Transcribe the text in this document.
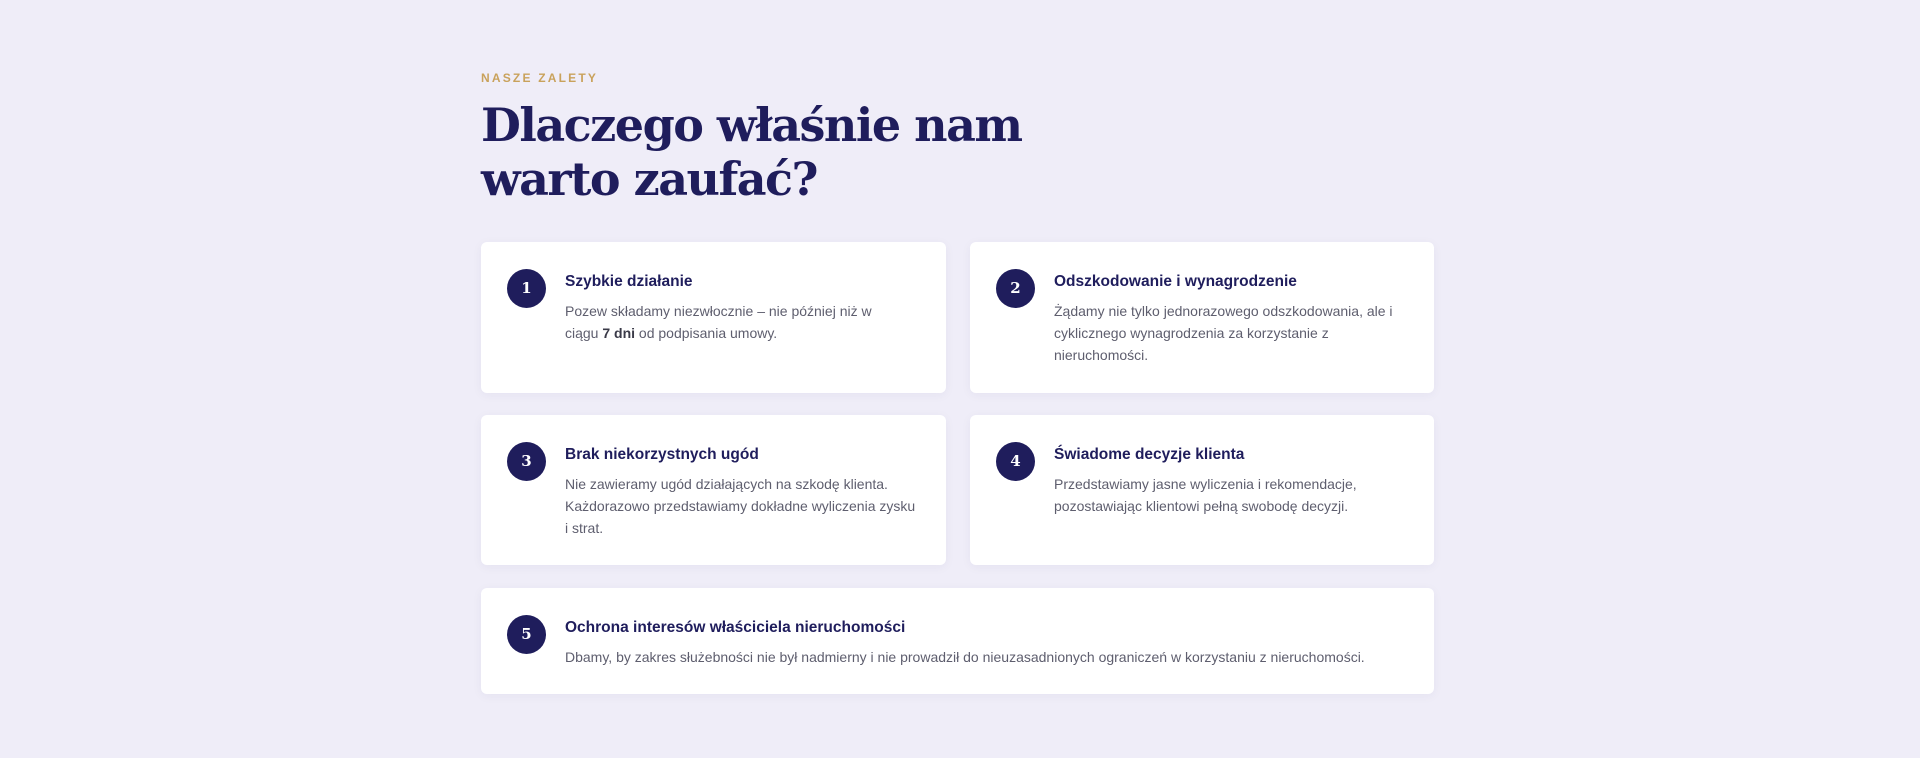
NASZE ZALETY
Dlaczego właśnie nam warto zaufać?
1	Szybkie działanie

Pozew składamy niezwłocznie – nie później niż w ciągu 7 dni od podpisania umowy.

2	Odszkodowanie i wynagrodzenie

Żądamy nie tylko jednorazowego odszkodowania, ale i cyklicznego wynagrodzenia za korzystanie z nieruchomości.

3	Brak niekorzystnych ugód

Nie zawieramy ugód działających na szkodę klienta. Każdorazowo przedstawiamy dokładne wyliczenia zysku i strat.

4	Świadome decyzje klienta

Przedstawiamy jasne wyliczenia i rekomendacje, pozostawiając klientowi pełną swobodę decyzji.

5	Ochrona interesów właściciela nieruchomości

Dbamy, by zakres służebności nie był nadmierny i nie prowadził do nieuzasadnionych ograniczeń w korzystaniu z nieruchomości.
